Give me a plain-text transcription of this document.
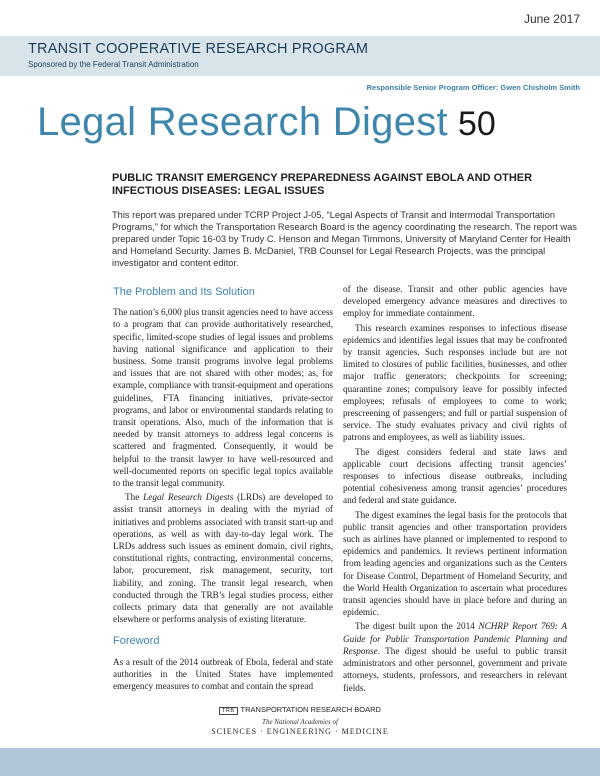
June 2017
TRANSIT COOPERATIVE RESEARCH PROGRAM
Sponsored by the Federal Transit Administration
Responsible Senior Program Officer: Gwen Chisholm Smith
Legal Research Digest 50
PUBLIC TRANSIT EMERGENCY PREPAREDNESS AGAINST EBOLA AND OTHER INFECTIOUS DISEASES: LEGAL ISSUES
This report was prepared under TCRP Project J-05, “Legal Aspects of Transit and Intermodal Transportation Programs,” for which the Transportation Research Board is the agency coordinating the research. The report was prepared under Topic 16-03 by Trudy C. Henson and Megan Timmons, University of Maryland Center for Health and Homeland Security. James B. McDaniel, TRB Counsel for Legal Research Projects, was the principal investigator and content editor.
The Problem and Its Solution

The nation’s 6,000 plus transit agencies need to have access to a program that can provide authoritatively researched, specific, limited-scope studies of legal issues and problems having national significance and application to their business. Some transit programs involve legal problems and issues that are not shared with other modes; as, for example, compliance with transit-equipment and operations guidelines, FTA financing initiatives, private-sector programs, and labor or environmental standards relating to transit operations. Also, much of the information that is needed by transit attorneys to address legal concerns is scattered and fragmented. Consequently, it would be helpful to the transit lawyer to have well-resourced and well-documented reports on specific legal topics available to the transit legal community.

The Legal Research Digests (LRDs) are developed to assist transit attorneys in dealing with the myriad of initiatives and problems associated with transit start-up and operations, as well as with day-to-day legal work. The LRDs address such issues as eminent domain, civil rights, constitutional rights, contracting, environmental concerns, labor, procurement, risk management, security, tort liability, and zoning. The transit legal research, when conducted through the TRB’s legal studies process, either collects primary data that generally are not available elsewhere or performs analysis of existing literature.

Foreword

As a result of the 2014 outbreak of Ebola, federal and state authorities in the United States have implemented emergency measures to combat and contain the spread

of the disease. Transit and other public agencies have developed emergency advance measures and directives to employ for immediate containment.

This research examines responses to infectious disease epidemics and identifies legal issues that may be confronted by transit agencies. Such responses include but are not limited to closures of public facilities, businesses, and other major traffic generators; checkpoints for screening; quarantine zones; compulsory leave for possibly infected employees; refusals of employees to come to work; prescreening of passengers; and full or partial suspension of service. The study evaluates privacy and civil rights of patrons and employees, as well as liability issues.

The digest considers federal and state laws and applicable court decisions affecting transit agencies’ responses to infectious disease outbreaks, including potential cohesiveness among transit agencies’ procedures and federal and state guidance.

The digest examines the legal basis for the protocols that public transit agencies and other transportation providers such as airlines have planned or implemented to respond to epidemics and pandemics. It reviews pertinent information from leading agencies and organizations such as the Centers for Disease Control, Department of Homeland Security, and the World Health Organization to ascertain what procedures transit agencies should have in place before and during an epidemic.

The digest built upon the 2014 NCHRP Report 769: A Guide for Public Transportation Pandemic Planning and Response. The digest should be useful to public transit administrators and other personnel, government and private attorneys, students, professors, and researchers in relevant fields.

TRB TRANSPORTATION RESEARCH BOARD
The National Academies of
SCIENCES · ENGINEERING · MEDICINE
